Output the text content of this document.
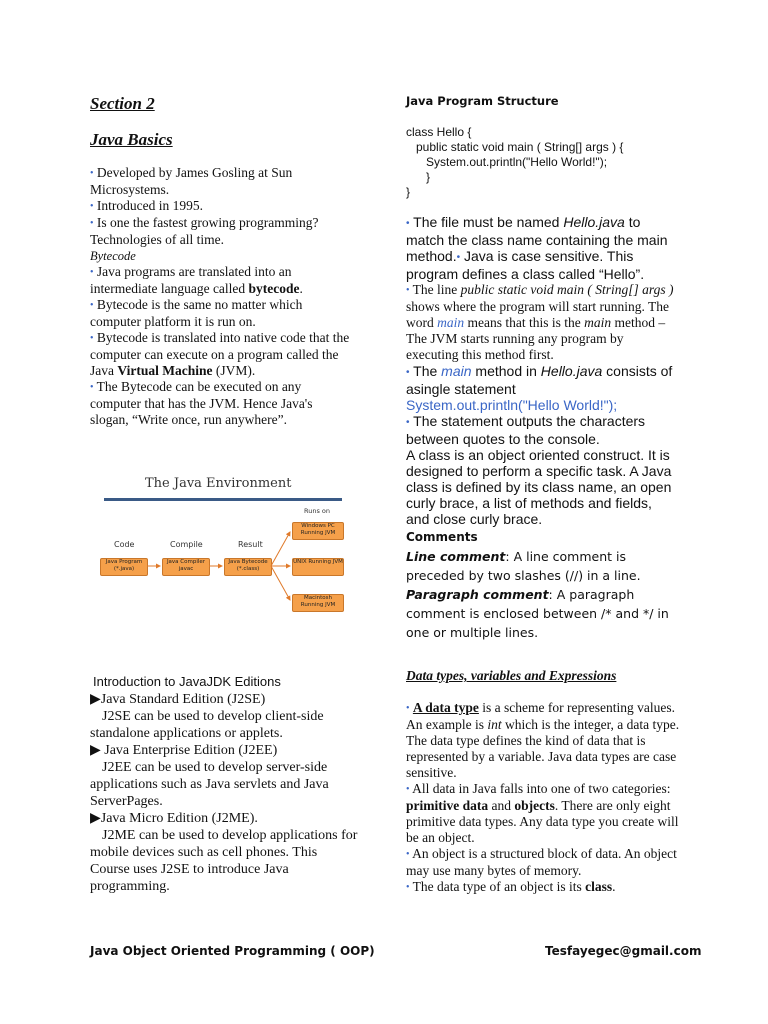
Section 2
Java Basics
• Developed by James Gosling at Sun Microsystems.
• Introduced in 1995.
• Is one the fastest growing programming? Technologies of all time.
Bytecode
• Java programs are translated into an intermediate language called bytecode.
• Bytecode is the same no matter which computer platform it is run on.
• Bytecode is translated into native code that the computer can execute on a program called the Java Virtual Machine (JVM).
• The Bytecode can be executed on any computer that has the JVM. Hence Java's slogan, “Write once, run anywhere”.
The Java Environment
Runs on
Code	Compile	Result
Java Program (*.java)
Java Compiler javac
Java Bytecode (*.class)
Windows PC Running JVM
UNIX Running JVM
Macintosh Running JVM
Introduction to JavaJDK Editions
▶Java Standard Edition (J2SE)
J2SE can be used to develop client-side standalone applications or applets.
▶ Java Enterprise Edition (J2EE)
J2EE can be used to develop server-side applications such as Java servlets and Java ServerPages.
▶Java Micro Edition (J2ME).
J2ME can be used to develop applications for mobile devices such as cell phones. This Course uses J2SE to introduce Java programming.
Java Program Structure
class Hello {
public static void main ( String[] args ) {
System.out.println("Hello World!");
}
}
• The file must be named Hello.java to match the class name containing the main method.• Java is case sensitive. This program defines a class called “Hello”.
• The line public static void main ( String[] args )
shows where the program will start running. The word main means that this is the main method – The JVM starts running any program by executing this method first.
• The main method in Hello.java consists of asingle statement
System.out.println("Hello World!");
• The statement outputs the characters between quotes to the console.
A class is an object oriented construct. It is designed to perform a specific task. A Java class is defined by its class name, an open curly brace, a list of methods and fields, and close curly brace.
Comments
Line comment: A line comment is preceded by two slashes (//) in a line.
Paragraph comment: A paragraph comment is enclosed between /* and */ in one or multiple lines.
Data types, variables and Expressions
• A data type is a scheme for representing values. An example is int which is the integer, a data type.
The data type defines the kind of data that is represented by a variable. Java data types are case sensitive.
• All data in Java falls into one of two categories: primitive data and objects. There are only eight primitive data types. Any data type you create will be an object.
• An object is a structured block of data. An object may use many bytes of memory.
• The data type of an object is its class.
Java Object Oriented Programming ( OOP)	Tesfayegec@gmail.com
